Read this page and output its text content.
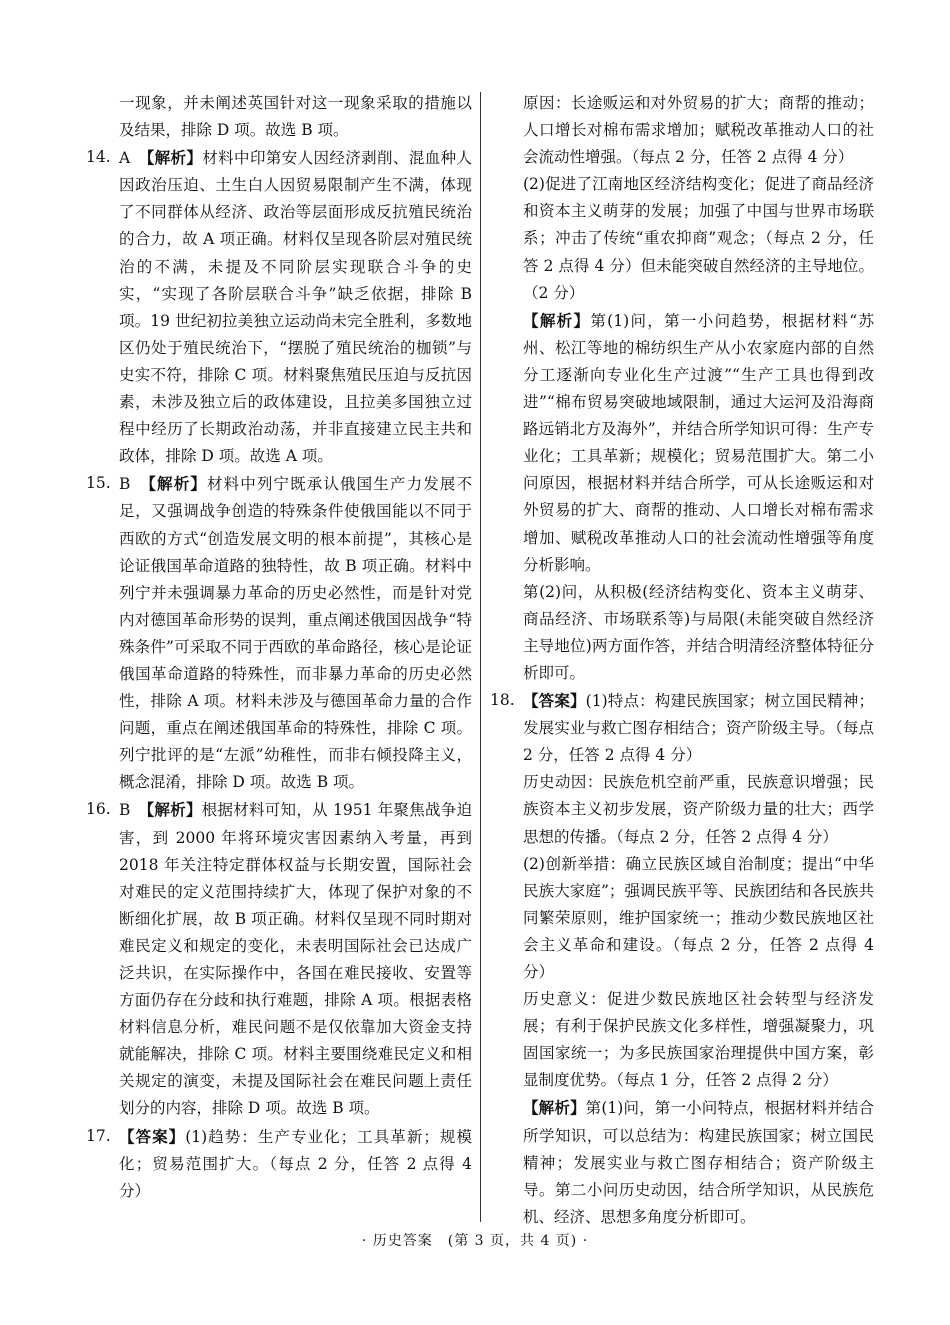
一现象，并未阐述英国针对这一现象采取的措施以及结果，排除 D 项。故选 B 项。

14. A　【解析】材料中印第安人因经济剥削、混血种人因政治压迫、土生白人因贸易限制产生不满，体现了不同群体从经济、政治等层面形成反抗殖民统治的合力，故 A 项正确。材料仅呈现各阶层对殖民统治的不满，未提及不同阶层实现联合斗争的史实，“实现了各阶层联合斗争”缺乏依据，排除 B 项。19 世纪初拉美独立运动尚未完全胜利，多数地区仍处于殖民统治下，“摆脱了殖民统治的枷锁”与史实不符，排除 C 项。材料聚焦殖民压迫与反抗因素，未涉及独立后的政体建设，且拉美多国独立过程中经历了长期政治动荡，并非直接建立民主共和政体，排除 D 项。故选 A 项。
15. B　【解析】材料中列宁既承认俄国生产力发展不足，又强调战争创造的特殊条件使俄国能以不同于西欧的方式“创造发展文明的根本前提”，其核心是论证俄国革命道路的独特性，故 B 项正确。材料中列宁并未强调暴力革命的历史必然性，而是针对党内对德国革命形势的误判，重点阐述俄国因战争“特殊条件”可采取不同于西欧的革命路径，核心是论证俄国革命道路的特殊性，而非暴力革命的历史必然性，排除 A 项。材料未涉及与德国革命力量的合作问题，重点在阐述俄国革命的特殊性，排除 C 项。列宁批评的是“左派”幼稚性，而非右倾投降主义，概念混淆，排除 D 项。故选 B 项。
16. B　【解析】根据材料可知，从 1951 年聚焦战争迫害，到 2000 年将环境灾害因素纳入考量，再到 2018 年关注特定群体权益与长期安置，国际社会对难民的定义范围持续扩大，体现了保护对象的不断细化扩展，故 B 项正确。材料仅呈现不同时期对难民定义和规定的变化，未表明国际社会已达成广泛共识，在实际操作中，各国在难民接收、安置等方面仍存在分歧和执行难题，排除 A 项。根据表格材料信息分析，难民问题不是仅依靠加大资金支持就能解决，排除 C 项。材料主要围绕难民定义和相关规定的演变，未提及国际社会在难民问题上责任划分的内容，排除 D 项。故选 B 项。
17. 【答案】(1)趋势：生产专业化；工具革新；规模化；贸易范围扩大。（每点 2 分，任答 2 点得 4 分）

原因：长途贩运和对外贸易的扩大；商帮的推动；人口增长对棉布需求增加；赋税改革推动人口的社会流动性增强。（每点 2 分，任答 2 点得 4 分）

(2)促进了江南地区经济结构变化；促进了商品经济和资本主义萌芽的发展；加强了中国与世界市场联系；冲击了传统“重农抑商”观念；（每点 2 分，任答 2 点得 4 分）但未能突破自然经济的主导地位。（2 分）

【解析】第(1)问，第一小问趋势，根据材料“苏州、松江等地的棉纺织生产从小农家庭内部的自然分工逐渐向专业化生产过渡”“生产工具也得到改进”“棉布贸易突破地域限制，通过大运河及沿海商路远销北方及海外”，并结合所学知识可得：生产专业化；工具革新；规模化；贸易范围扩大。第二小问原因，根据材料并结合所学，可从长途贩运和对外贸易的扩大、商帮的推动、人口增长对棉布需求增加、赋税改革推动人口的社会流动性增强等角度分析影响。

第(2)问，从积极(经济结构变化、资本主义萌芽、商品经济、市场联系等)与局限(未能突破自然经济主导地位)两方面作答，并结合明清经济整体特征分析即可。

18. 【答案】(1)特点：构建民族国家；树立国民精神；发展实业与救亡图存相结合；资产阶级主导。（每点 2 分，任答 2 点得 4 分）

历史动因：民族危机空前严重，民族意识增强；民族资本主义初步发展，资产阶级力量的壮大；西学思想的传播。（每点 2 分，任答 2 点得 4 分）

(2)创新举措：确立民族区域自治制度；提出“中华民族大家庭”；强调民族平等、民族团结和各民族共同繁荣原则，维护国家统一；推动少数民族地区社会主义革命和建设。（每点 2 分，任答 2 点得 4 分）

历史意义：促进少数民族地区社会转型与经济发展；有利于保护民族文化多样性，增强凝聚力，巩固国家统一；为多民族国家治理提供中国方案，彰显制度优势。（每点 1 分，任答 2 点得 2 分）

【解析】第(1)问，第一小问特点，根据材料并结合所学知识，可以总结为：构建民族国家；树立国民精神；发展实业与救亡图存相结合；资产阶级主导。第二小问历史动因，结合所学知识，从民族危机、经济、思想多角度分析即可。

· 历史答案　(第 3 页，共 4 页) ·
